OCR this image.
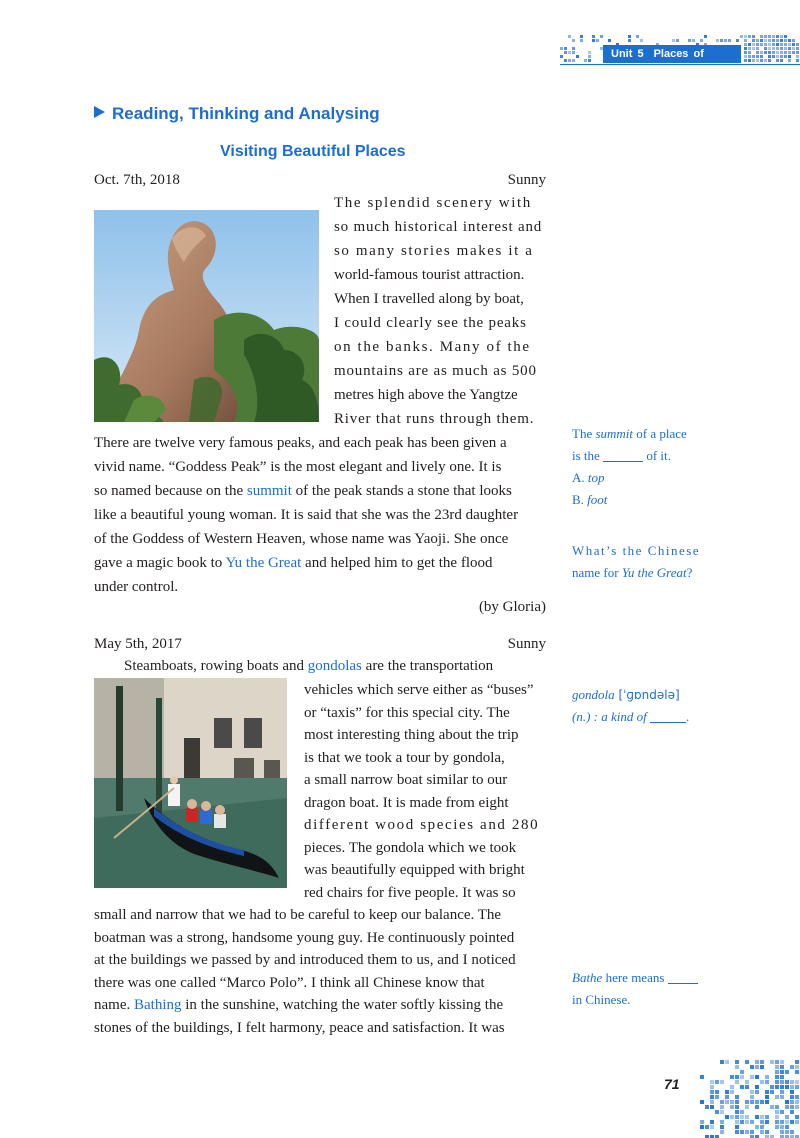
Unit 5 Places of Interest
Reading, Thinking and Analysing
Visiting Beautiful Places
Oct. 7th, 2018	Sunny
The splendid scenery with
so much historical interest and
so many stories makes it a
world-famous tourist attraction.
When I travelled along by boat,
I could clearly see the peaks
on the banks. Many of the
mountains are as much as 500
metres high above the Yangtze
River that runs through them.
There are twelve very famous peaks, and each peak has been given a
vivid name. “Goddess Peak” is the most elegant and lively one. It is
so named because on the summit of the peak stands a stone that looks
like a beautiful young woman. It is said that she was the 23rd daughter
of the Goddess of Western Heaven, whose name was Yaoji. She once
gave a magic book to Yu the Great and helped him to get the flood
under control.
(by Gloria)
May 5th, 2017	Sunny
Steamboats, rowing boats and gondolas are the transportation
vehicles which serve either as “buses”
or “taxis” for this special city. The
most interesting thing about the trip
is that we took a tour by gondola,
a small narrow boat similar to our
dragon boat. It is made from eight
different wood species and 280
pieces. The gondola which we took
was beautifully equipped with bright
red chairs for five people. It was so
small and narrow that we had to be careful to keep our balance. The
boatman was a strong, handsome young guy. He continuously pointed
at the buildings we passed by and introduced them to us, and I noticed
there was one called “Marco Polo”. I think all Chinese know that
name. Bathing in the sunshine, watching the water softly kissing the
stones of the buildings, I felt harmony, peace and satisfaction. It was
The summit of a place
is the	of it.
A. top
B. foot
What’s the Chinese
name for Yu the Great?
gondola [ˈɡɒndələ]
(n.) : a kind of	.
Bathe here means
in Chinese.
71
